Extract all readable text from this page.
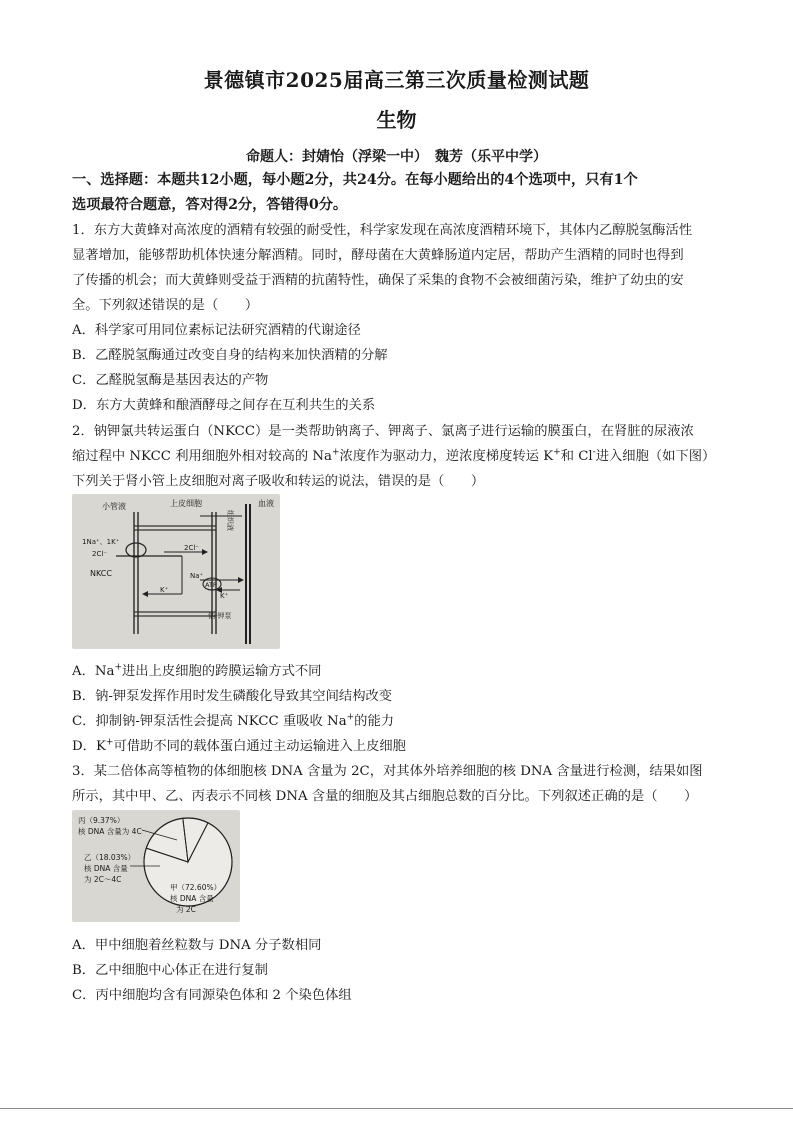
景德镇市2025届高三第三次质量检测试题
生物
命题人：封婧怡（浮梁一中）　魏芳（乐平中学）
一、选择题：本题共12小题，每小题2分，共24分。在每小题给出的4个选项中，只有1个
选项最符合题意，答对得2分，答错得0分。
1．东方大黄蜂对高浓度的酒精有较强的耐受性，科学家发现在高浓度酒精环境下，其体内乙醇脱氢酶活性
显著增加，能够帮助机体快速分解酒精。同时，酵母菌在大黄蜂肠道内定居，帮助产生酒精的同时也得到
了传播的机会；而大黄蜂则受益于酒精的抗菌特性，确保了采集的食物不会被细菌污染，维护了幼虫的安
全。下列叙述错误的是（　　）
A．科学家可用同位素标记法研究酒精的代谢途径
B．乙醛脱氢酶通过改变自身的结构来加快酒精的分解
C．乙醛脱氢酶是基因表达的产物
D．东方大黄蜂和酿酒酵母之间存在互利共生的关系
2．钠钾氯共转运蛋白（NKCC）是一类帮助钠离子、钾离子、氯离子进行运输的膜蛋白，在肾脏的尿液浓
缩过程中 NKCC 利用细胞外相对较高的 Na+浓度作为驱动力，逆浓度梯度转运 K+和 Cl-进入细胞（如下图）
下列关于肾小管上皮细胞对离子吸收和转运的说法，错误的是（　　）
小管液	上皮细胞	血液
组织液
1Na⁺、1K⁺
2Cl⁻
2Cl⁻
NKCC	Na⁺
ATP
K⁺
K⁺
钠-钾泵
A．Na+进出上皮细胞的跨膜运输方式不同
B．钠-钾泵发挥作用时发生磷酸化导致其空间结构改变
C．抑制钠-钾泵活性会提高 NKCC 重吸收 Na+的能力
D．K+可借助不同的载体蛋白通过主动运输进入上皮细胞
3．某二倍体高等植物的体细胞核 DNA 含量为 2C，对其体外培养细胞的核 DNA 含量进行检测，结果如图
所示，其中甲、乙、丙表示不同核 DNA 含量的细胞及其占细胞总数的百分比。下列叙述正确的是（　　）
丙（9.37%）
核 DNA 含量为 4C
乙（18.03%）
核 DNA 含量
为 2C～4C
甲（72.60%）
核 DNA 含量
为 2C
A．甲中细胞着丝粒数与 DNA 分子数相同
B．乙中细胞中心体正在进行复制
C．丙中细胞均含有同源染色体和 2 个染色体组
